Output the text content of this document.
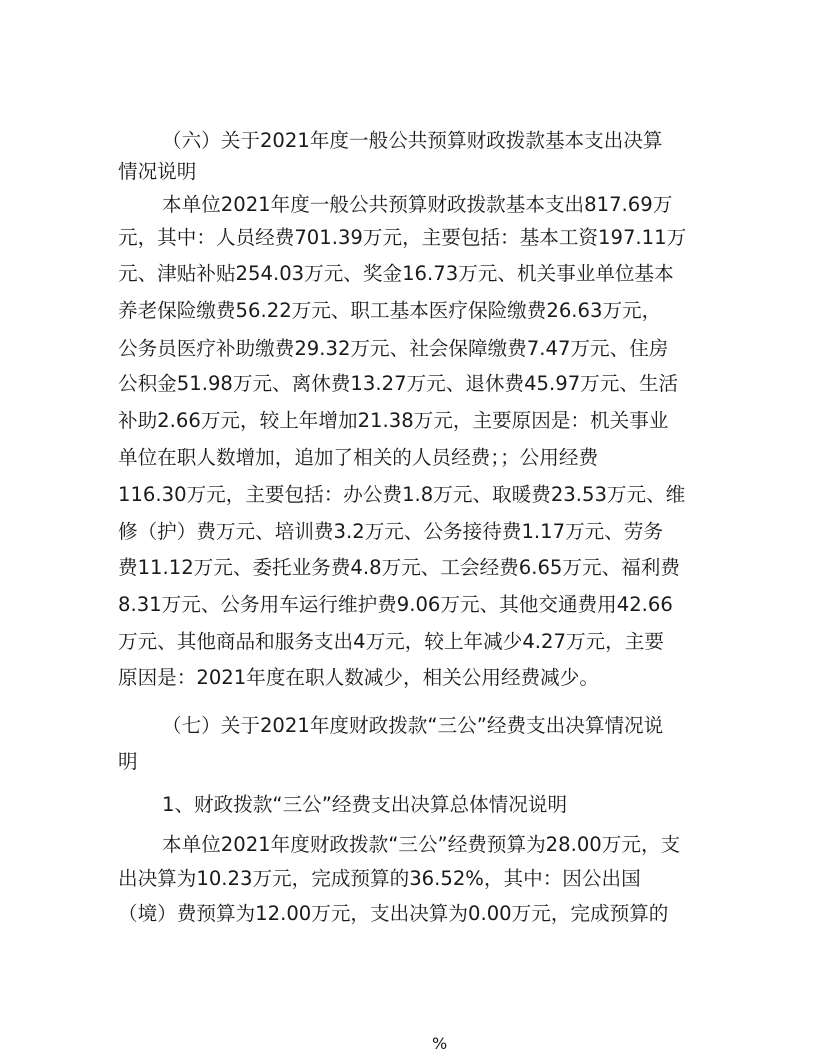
（六）关于2021年度一般公共预算财政拨款基本支出决算
情况说明
本单位2021年度一般公共预算财政拨款基本支出817.69万
元，其中：人员经费701.39万元，主要包括：基本工资197.11万
元、津贴补贴254.03万元、奖金16.73万元、机关事业单位基本
养老保险缴费56.22万元、职工基本医疗保险缴费26.63万元，
公务员医疗补助缴费29.32万元、社会保障缴费7.47万元、住房
公积金51.98万元、离休费13.27万元、退休费45.97万元、生活
补助2.66万元，较上年增加21.38万元，主要原因是：机关事业
单位在职人数增加，追加了相关的人员经费；；公用经费
116.30万元，主要包括：办公费1.8万元、取暖费23.53万元、维
修（护）费万元、培训费3.2万元、公务接待费1.17万元、劳务
费11.12万元、委托业务费4.8万元、工会经费6.65万元、福利费
8.31万元、公务用车运行维护费9.06万元、其他交通费用42.66
万元、其他商品和服务支出4万元，较上年减少4.27万元，主要
原因是：2021年度在职人数减少，相关公用经费减少。
（七）关于2021年度财政拨款“三公”经费支出决算情况说
明
1、财政拨款“三公”经费支出决算总体情况说明
本单位2021年度财政拨款“三公”经费预算为28.00万元，支
出决算为10.23万元，完成预算的36.52%，其中：因公出国
（境）费预算为12.00万元，支出决算为0.00万元，完成预算的
%
